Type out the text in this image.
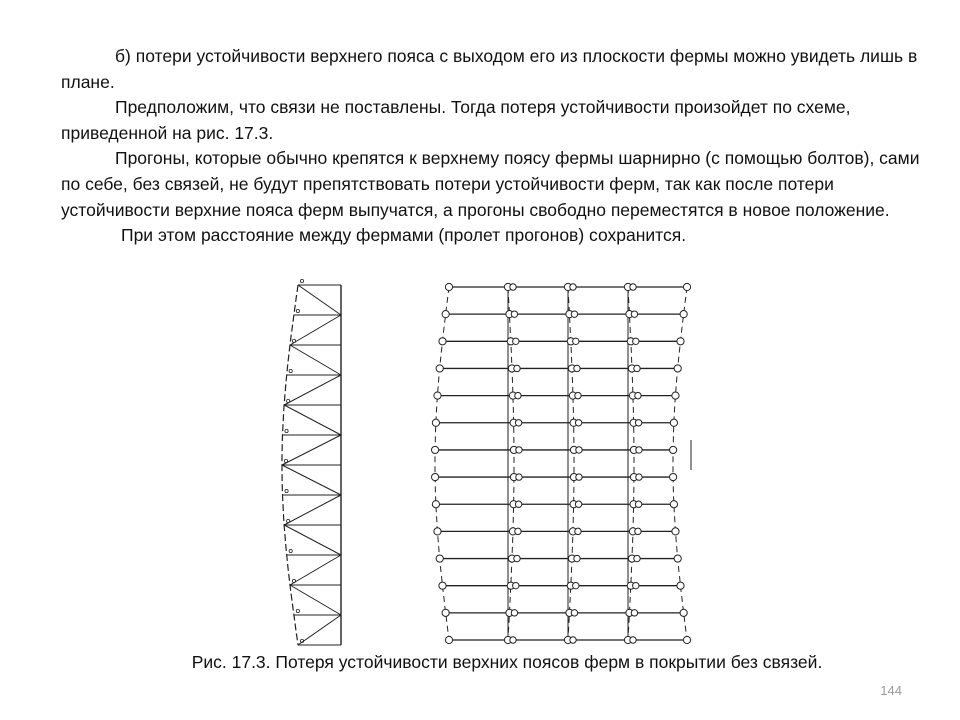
б) потери устойчивости верхнего пояса с выходом его из плоскости фермы можно увидеть лишь в плане.

Предположим, что связи не поставлены. Тогда потеря устойчивости произойдет по схеме, приведенной на рис. 17.3.

Прогоны, которые обычно крепятся к верхнему поясу фермы шарнирно (с помощью болтов), сами по себе, без связей, не будут препятствовать потери устойчивости ферм, так как после потери устойчивости верхние пояса ферм выпучатся, а прогоны свободно переместятся в новое положение.

При этом расстояние между фермами (пролет прогонов) сохранится.

Рис. 17.3. Потеря устойчивости верхних поясов ферм в покрытии без связей.
144
